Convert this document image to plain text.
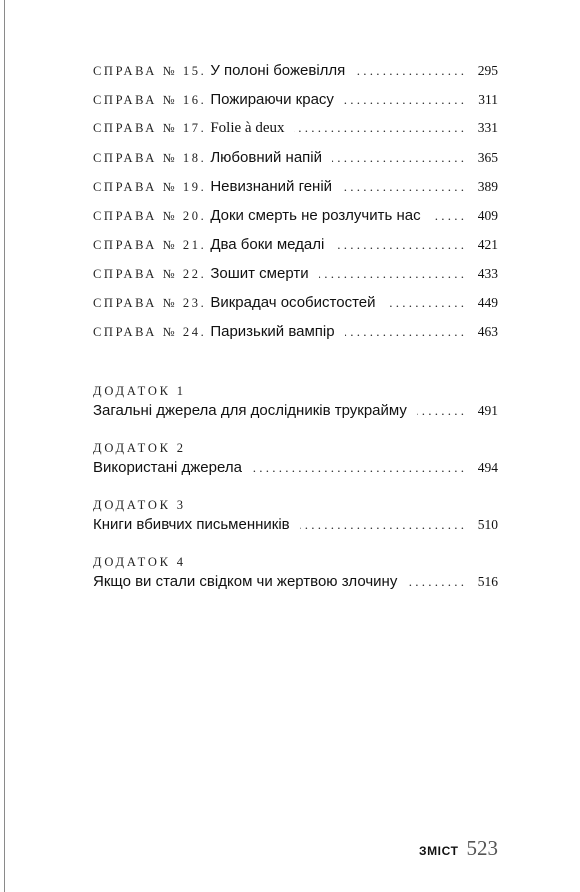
СПРАВА № 15. У полоні божевілля . . .	295
СПРАВА № 16. Пожираючи красу . . .	311
СПРАВА № 17. Folie à deux . . .	331
СПРАВА № 18. Любовний напій . . .	365
СПРАВА № 19. Невизнаний геній . . .	389
СПРАВА № 20. Доки смерть не розлучить нас . . .	409
СПРАВА № 21. Два боки медалі . . .	421
СПРАВА № 22. Зошит смерти . . .	433
СПРАВА № 23. Викрадач особистостей . . .	449
СПРАВА № 24. Паризький вампір . . .	463
ДОДАТОК 1
Загальні джерела для дослідників трукрайму . . .	491
ДОДАТОК 2
Використані джерела . . .	494
ДОДАТОК 3
Книги вбивчих письменників . . .	510
ДОДАТОК 4
Якщо ви стали свідком чи жертвою злочину . . .	516
ЗМІСТ 523
